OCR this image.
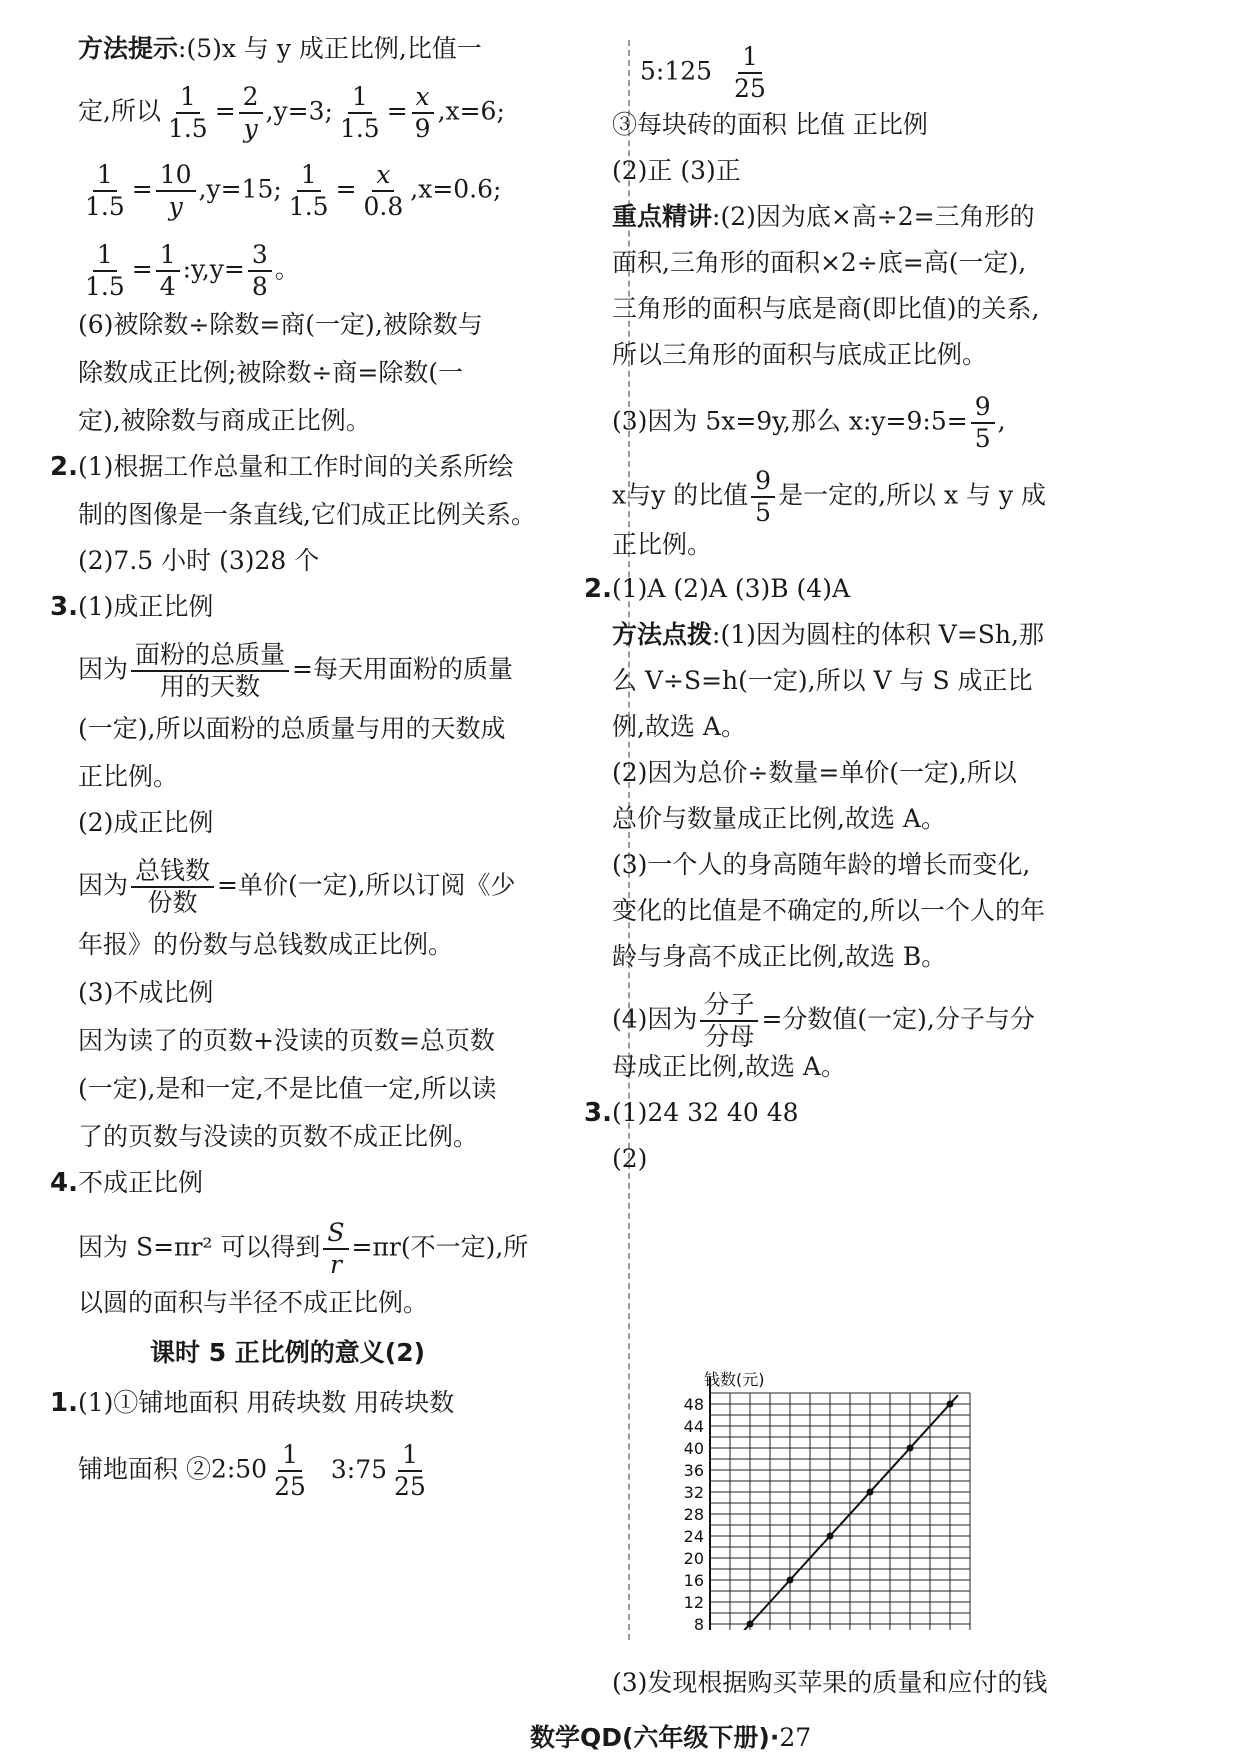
方法提示:(5)x 与 y 成正比例,比值一
定,所以 $\frac{1}{1.5} = \frac{2}{y} ,y=3$; $\frac{1}{1.5} = \frac{x}{9} ,x=6$;
$\frac{1}{1.5} = \frac{10}{y} ,y=15$; $\frac{1}{1.5} = \frac{x}{0.8} ,x=0.6$;
$\frac{1}{1.5} = \frac{1}{4}$ :y,y= $\frac{3}{8}$ 。
(6)被除数÷除数=商(一定),被除数与
除数成正比例;被除数÷商=除数(一
定),被除数与商成正比例。
2. (1)根据工作总量和工作时间的关系所绘
制的图像是一条直线,它们成正比例关系。
(2)7.5 小时 (3)28 个
3. (1)成正比例
因为 $\frac{\text{面粉的总质量}}{\text{用的天数}}$ =每天用面粉的质量
(一定),所以面粉的总质量与用的天数成
正比例。
(2)成正比例
因为 $\frac{\text{总钱数}}{\text{份数}}$ =单价(一定),所以订阅《少
年报》的份数与总钱数成正比例。
(3)不成比例
因为读了的页数+没读的页数=总页数
(一定),是和一定,不是比值一定,所以读
了的页数与没读的页数不成正比例。
4. 不成正比例
因为 S=πr² 可以得到 $\frac{S}{r} =\pi r$(不一定),所
以圆的面积与半径不成正比例。
课时 5 正比例的意义(2)
1. (1)①铺地面积 用砖块数 用砖块数
铺地面积 ②2:50 $\frac{1}{25}$ 3:75 $\frac{1}{25}$
5:125 $\frac{1}{25}$
③每块砖的面积 比值 正比例
(2)正 (3)正
重点精讲:(2)因为底×高÷2=三角形的
面积,三角形的面积×2÷底=高(一定),
三角形的面积与底是商(即比值)的关系,
所以三角形的面积与底成正比例。
(3)因为 5x=9y,那么 x:y=9:5= $\frac{9}{5}$ ,
x与y 的比值 $\frac{9}{5}$ 是一定的,所以 x 与 y 成
正比例。
2. (1)A (2)A (3)B (4)A
方法点拨:(1)因为圆柱的体积 V=Sh,那
么 V÷S=h(一定),所以 V 与 S 成正比
例,故选 A。
(2)因为总价÷数量=单价(一定),所以
总价与数量成正比例,故选 A。
(3)一个人的身高随年龄的增长而变化,
变化的比值是不确定的,所以一个人的年
龄与身高不成正比例,故选 B。
(4)因为 $\frac{\text{分子}}{\text{分母}}$ =分数值(一定),分子与分
母成正比例,故选 A。
3. (1)24 32 40 48
(2)
(3)发现根据购买苹果的质量和应付的钱
8
12
16
20
24
28
32
36
40
44
48
钱数(元)
数学QD(六年级下册)·27
